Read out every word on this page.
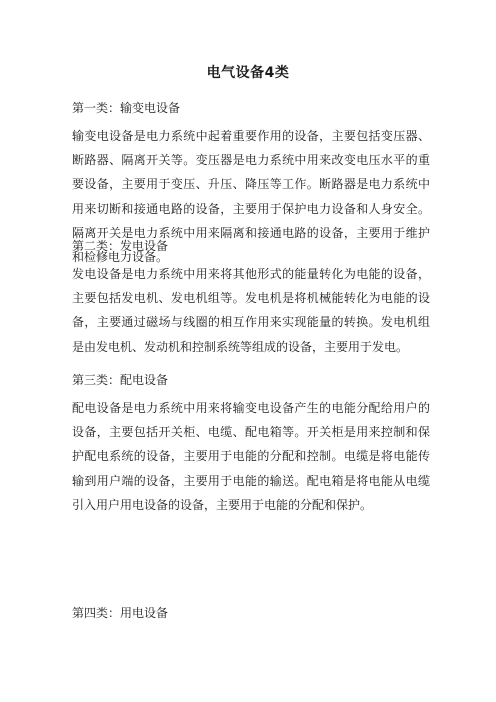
电气设备4类

第一类：输变电设备

输变电设备是电力系统中起着重要作用的设备，主要包括变压器、断路器、隔离开关等。变压器是电力系统中用来改变电压水平的重要设备，主要用于变压、升压、降压等工作。断路器是电力系统中用来切断和接通电路的设备，主要用于保护电力设备和人身安全。隔离开关是电力系统中用来隔离和接通电路的设备，主要用于维护和检修电力设备。

第二类：发电设备

发电设备是电力系统中用来将其他形式的能量转化为电能的设备，主要包括发电机、发电机组等。发电机是将机械能转化为电能的设备，主要通过磁场与线圈的相互作用来实现能量的转换。发电机组是由发电机、发动机和控制系统等组成的设备，主要用于发电。

第三类：配电设备

配电设备是电力系统中用来将输变电设备产生的电能分配给用户的设备，主要包括开关柜、电缆、配电箱等。开关柜是用来控制和保护配电系统的设备，主要用于电能的分配和控制。电缆是将电能传输到用户端的设备，主要用于电能的输送。配电箱是将电能从电缆引入用户用电设备的设备，主要用于电能的分配和保护。

第四类：用电设备
